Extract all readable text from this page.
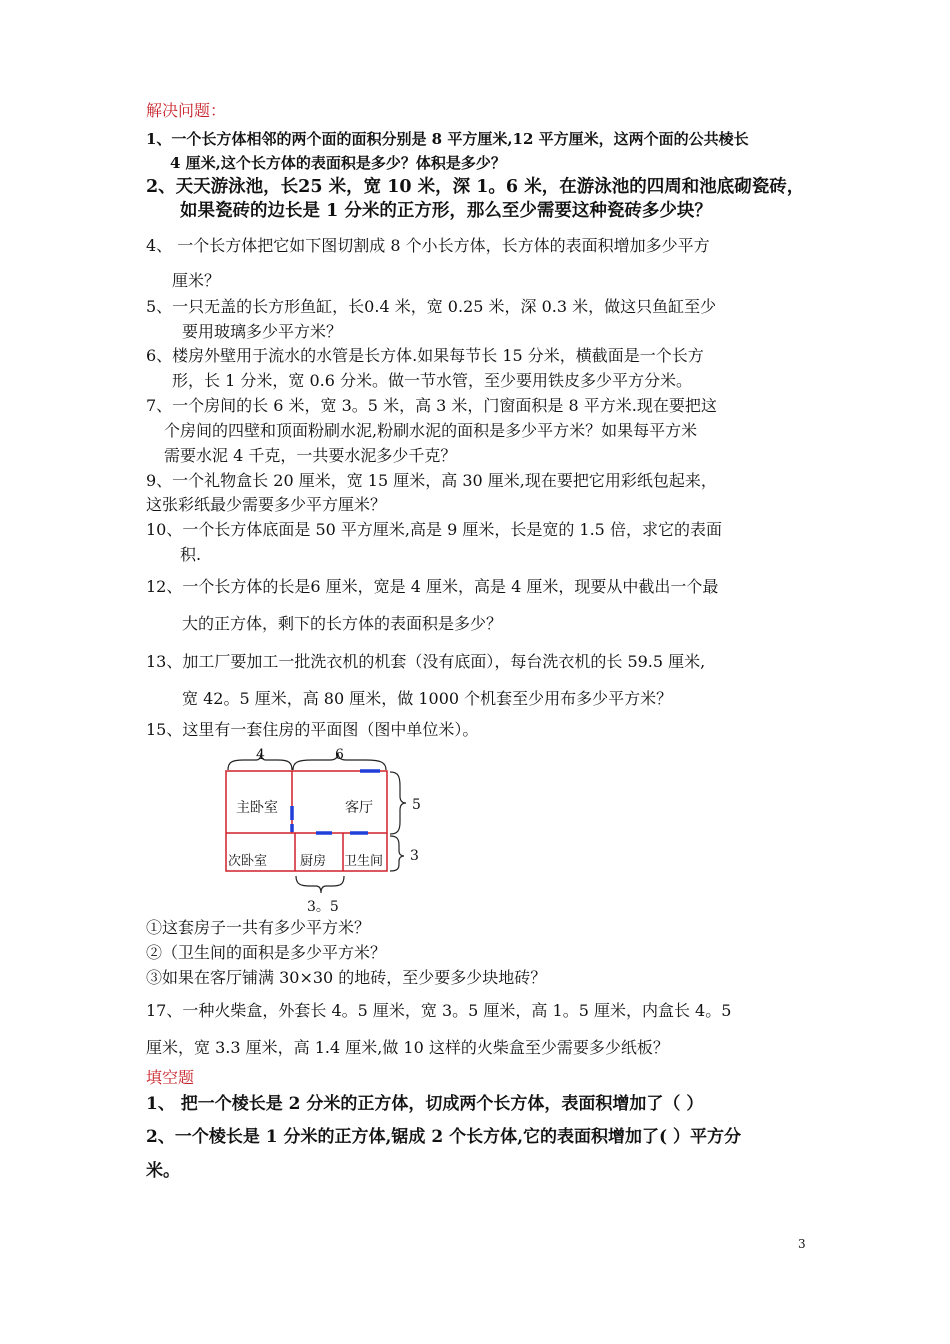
解决问题：
1、一个长方体相邻的两个面的面积分别是 8 平方厘米,12 平方厘米，这两个面的公共棱长
4 厘米,这个长方体的表面积是多少？体积是多少？
2、天天游泳池，长25 米，宽 10 米，深 1。6 米，在游泳池的四周和池底砌瓷砖，
如果瓷砖的边长是 1 分米的正方形，那么至少需要这种瓷砖多少块？
4、 一个长方体把它如下图切割成 8 个小长方体，长方体的表面积增加多少平方
厘米？
5、一只无盖的长方形鱼缸，长0.4 米，宽 0.25 米，深 0.3 米，做这只鱼缸至少
要用玻璃多少平方米？
6、楼房外壁用于流水的水管是长方体.如果每节长 15 分米，横截面是一个长方
形，长 1 分米，宽 0.6 分米。做一节水管，至少要用铁皮多少平方分米。
7、一个房间的长 6 米，宽 3。5 米，高 3 米，门窗面积是 8 平方米.现在要把这
个房间的四壁和顶面粉刷水泥,粉刷水泥的面积是多少平方米？如果每平方米
需要水泥 4 千克，一共要水泥多少千克？
9、一个礼物盒长 20 厘米，宽 15 厘米，高 30 厘米,现在要把它用彩纸包起来，
这张彩纸最少需要多少平方厘米？
10、一个长方体底面是 50 平方厘米,高是 9 厘米，长是宽的 1.5 倍，求它的表面
积.
12、一个长方体的长是6 厘米，宽是 4 厘米，高是 4 厘米，现要从中截出一个最
大的正方体，剩下的长方体的表面积是多少？
13、加工厂要加工一批洗衣机的机套（没有底面），每台洗衣机的长 59.5 厘米,
宽 42。5 厘米，高 80 厘米，做 1000 个机套至少用布多少平方米？
15、这里有一套住房的平面图（图中单位米）。
4	6
5
3
3。5
主卧室	客厅
次卧室	厨房 卫生间
①这套房子一共有多少平方米？
②（卫生间的面积是多少平方米？
③如果在客厅铺满 30×30 的地砖，至少要多少块地砖？
17、一种火柴盒，外套长 4。5 厘米，宽 3。5 厘米，高 1。5 厘米，内盒长 4。5
厘米，宽 3.3 厘米，高 1.4 厘米,做 10 这样的火柴盒至少需要多少纸板？
填空题
1、 把一个棱长是 2 分米的正方体，切成两个长方体，表面积增加了（ ）
2、一个棱长是 1 分米的正方体,锯成 2 个长方体,它的表面积增加了( ）平方分
米。
3
